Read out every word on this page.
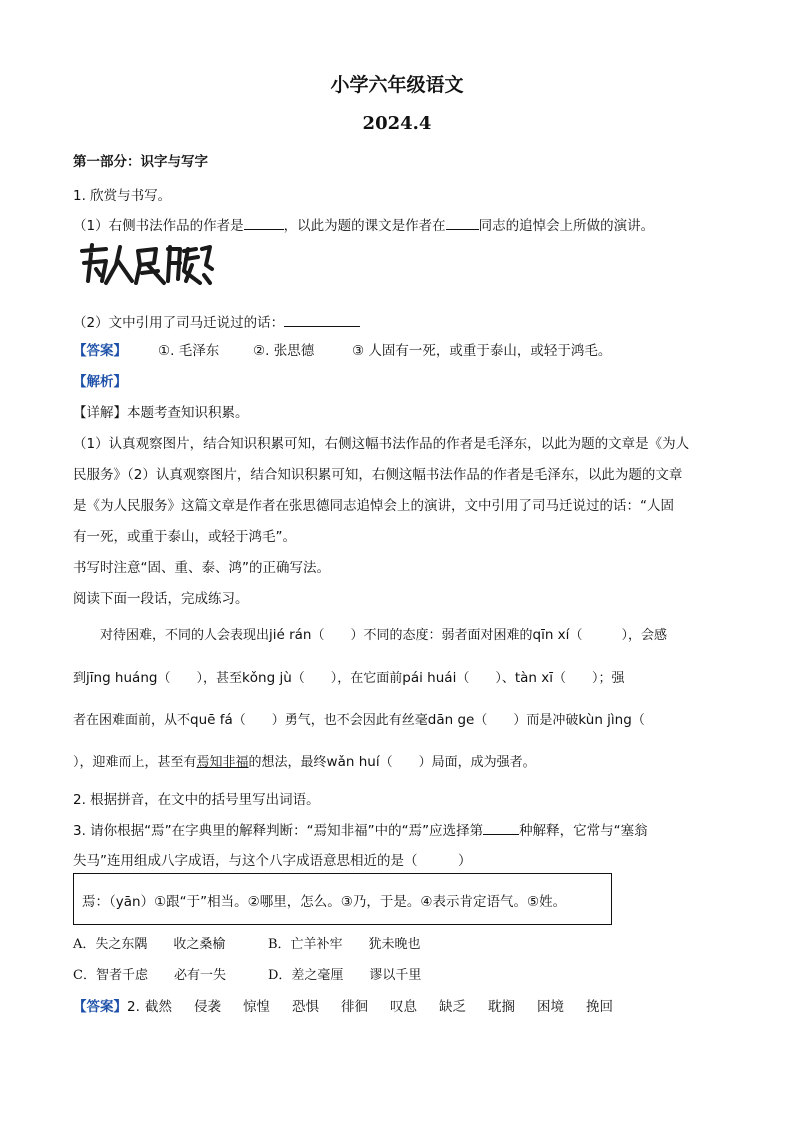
小学六年级语文
2024.4
第一部分：识字与写字
1. 欣赏与书写。
（1）右侧书法作品的作者是	，以此为题的课文是作者在 同志的追悼会上所做的演讲。
（2）文中引用了司马迁说过的话：
【答案】 ①. 毛泽东	②. 张思德	③ 人固有一死，或重于泰山，或轻于鸿毛。
【解析】
【详解】本题考查知识积累。
（1）认真观察图片，结合知识积累可知，右侧这幅书法作品的作者是毛泽东，以此为题的文章是《为人
民服务》（2）认真观察图片，结合知识积累可知，右侧这幅书法作品的作者是毛泽东，以此为题的文章
是《为人民服务》这篇文章是作者在张思德同志追悼会上的演讲，文中引用了司马迁说过的话：“人固
有一死，或重于泰山，或轻于鸿毛”。
书写时注意“固、重、泰、鸿”的正确写法。
阅读下面一段话，完成练习。
对待困难，不同的人会表现出jié rán（　　）不同的态度：弱者面对困难的qīn xí（　　　），会感
到jīng huáng（　　），甚至kǒng jù（　　），在它面前pái huái（　　）、tàn xī（　　）；强
者在困难面前，从不quē fá（　　）勇气，也不会因此有丝毫dān ge（　　）而是冲破kùn jìng（
），迎难而上，甚至有焉知非福的想法，最终wǎn huí（　　）局面，成为强者。
2. 根据拼音，在文中的括号里写出词语。
3. 请你根据“焉”在字典里的解释判断：“焉知非福”中的“焉”应选择第	种解释，它常与“塞翁
失马”连用组成八字成语，与这个八字成语意思相近的是（　　　）
焉：（yān）①跟“于”相当。②哪里，怎么。③乃，于是。④表示肯定语气。⑤姓。
A．失之东隅　　收之桑榆	B．亡羊补牢　　犹未晚也
C．智者千虑　　必有一失	D．差之毫厘　　谬以千里
【答案】2. 截然 侵袭 惊惶 恐惧 徘徊 叹息 缺乏 耽搁 困境 挽回
